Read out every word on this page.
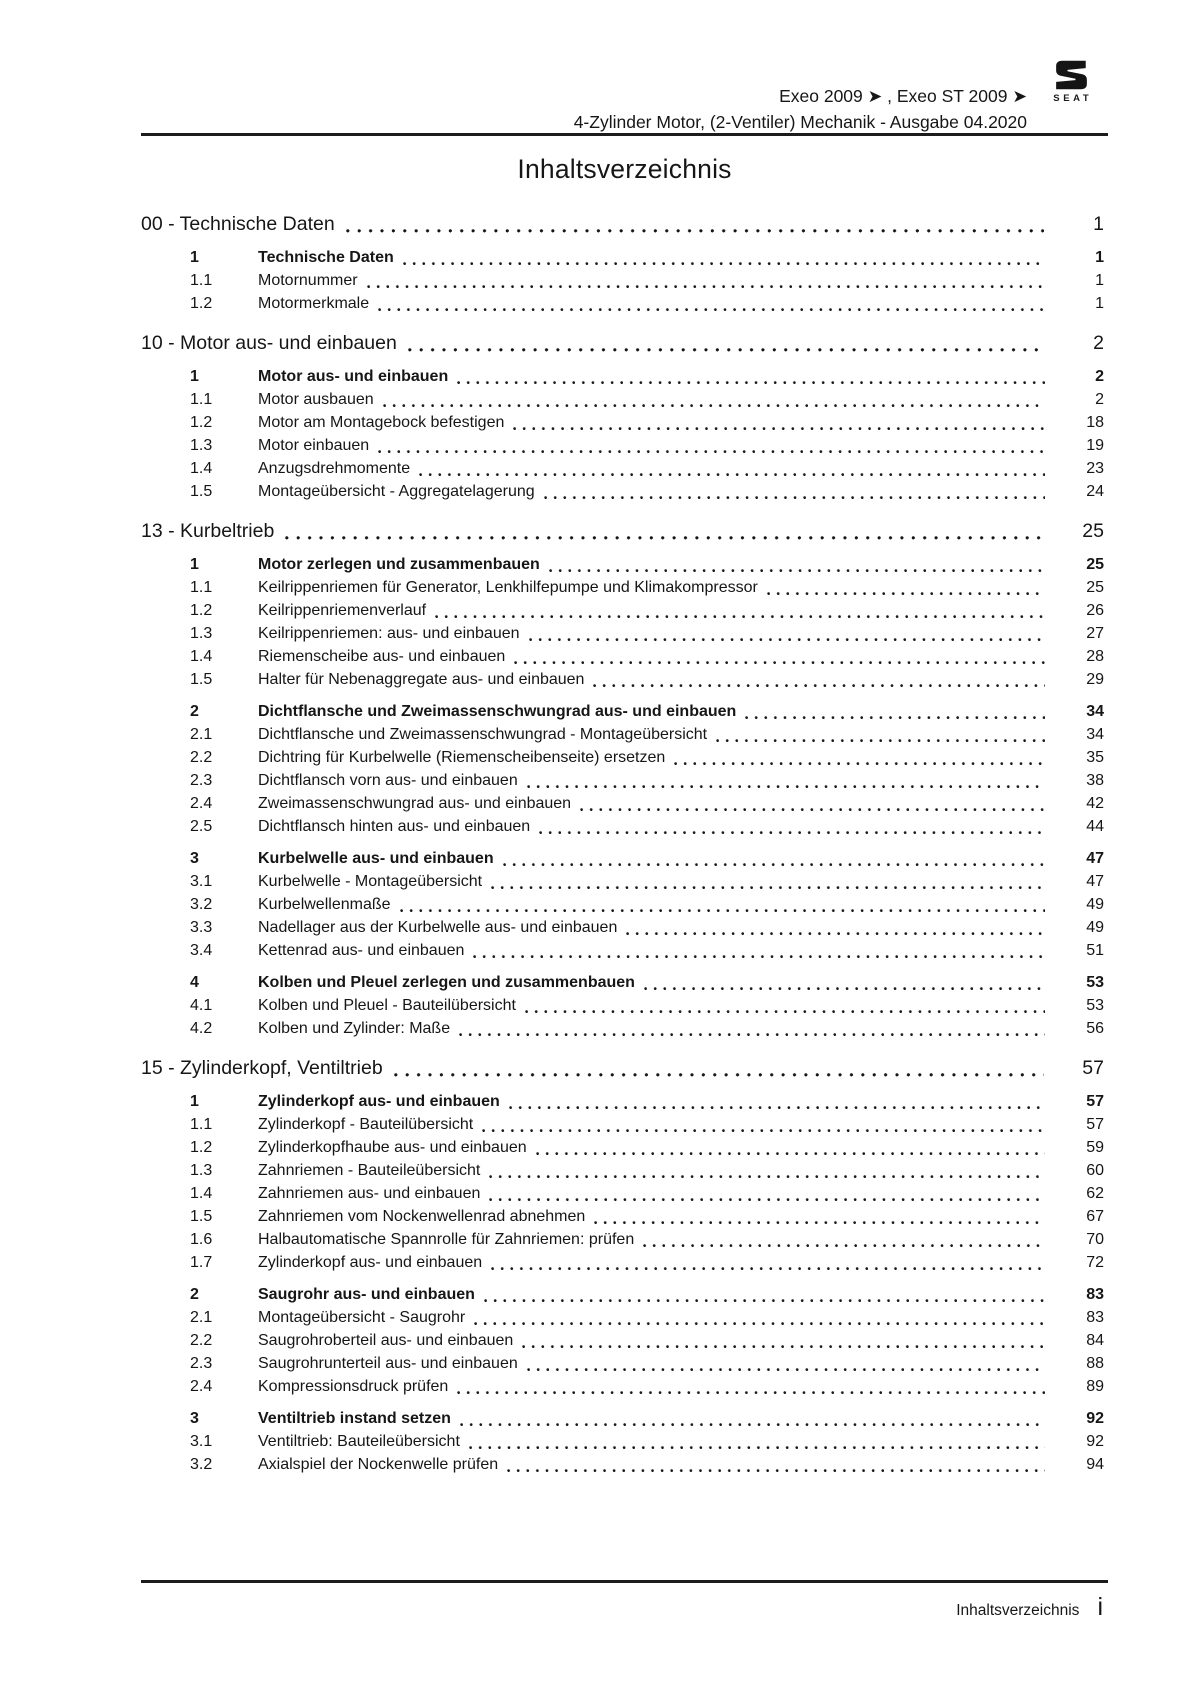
Exeo 2009 ➤ , Exeo ST 2009 ➤
4-Zylinder Motor, (2-Ventiler) Mechanik - Ausgabe 04.2020
SEAT
Inhaltsverzeichnis
00 - Technische Daten	1
1	Technische Daten	1
1.1	Motornummer	1
1.2	Motormerkmale	1
10 - Motor aus- und einbauen	2
1	Motor aus- und einbauen	2
1.1	Motor ausbauen	2
1.2	Motor am Montagebock befestigen	18
1.3	Motor einbauen	19
1.4	Anzugsdrehmomente	23
1.5	Montageübersicht - Aggregatelagerung	24
13 - Kurbeltrieb	25
1	Motor zerlegen und zusammenbauen	25
1.1	Keilrippenriemen für Generator, Lenkhilfepumpe und Klimakompressor	25
1.2	Keilrippenriemenverlauf	26
1.3	Keilrippenriemen: aus- und einbauen	27
1.4	Riemenscheibe aus- und einbauen	28
1.5	Halter für Nebenaggregate aus- und einbauen	29
2	Dichtflansche und Zweimassenschwungrad aus- und einbauen	34
2.1	Dichtflansche und Zweimassenschwungrad - Montageübersicht	34
2.2	Dichtring für Kurbelwelle (Riemenscheibenseite) ersetzen	35
2.3	Dichtflansch vorn aus- und einbauen	38
2.4	Zweimassenschwungrad aus- und einbauen	42
2.5	Dichtflansch hinten aus- und einbauen	44
3	Kurbelwelle aus- und einbauen	47
3.1	Kurbelwelle - Montageübersicht	47
3.2	Kurbelwellenmaße	49
3.3	Nadellager aus der Kurbelwelle aus- und einbauen	49
3.4	Kettenrad aus- und einbauen	51
4	Kolben und Pleuel zerlegen und zusammenbauen	53
4.1	Kolben und Pleuel - Bauteilübersicht	53
4.2	Kolben und Zylinder: Maße	56
15 - Zylinderkopf, Ventiltrieb	57
1	Zylinderkopf aus- und einbauen	57
1.1	Zylinderkopf - Bauteilübersicht	57
1.2	Zylinderkopfhaube aus- und einbauen	59
1.3	Zahnriemen - Bauteileübersicht	60
1.4	Zahnriemen aus- und einbauen	62
1.5	Zahnriemen vom Nockenwellenrad abnehmen	67
1.6	Halbautomatische Spannrolle für Zahnriemen: prüfen	70
1.7	Zylinderkopf aus- und einbauen	72
2	Saugrohr aus- und einbauen	83
2.1	Montageübersicht - Saugrohr	83
2.2	Saugrohroberteil aus- und einbauen	84
2.3	Saugrohrunterteil aus- und einbauen	88
2.4	Kompressionsdruck prüfen	89
3	Ventiltrieb instand setzen	92
3.1	Ventiltrieb: Bauteileübersicht	92
3.2	Axialspiel der Nockenwelle prüfen	94
Inhaltsverzeichnis i
